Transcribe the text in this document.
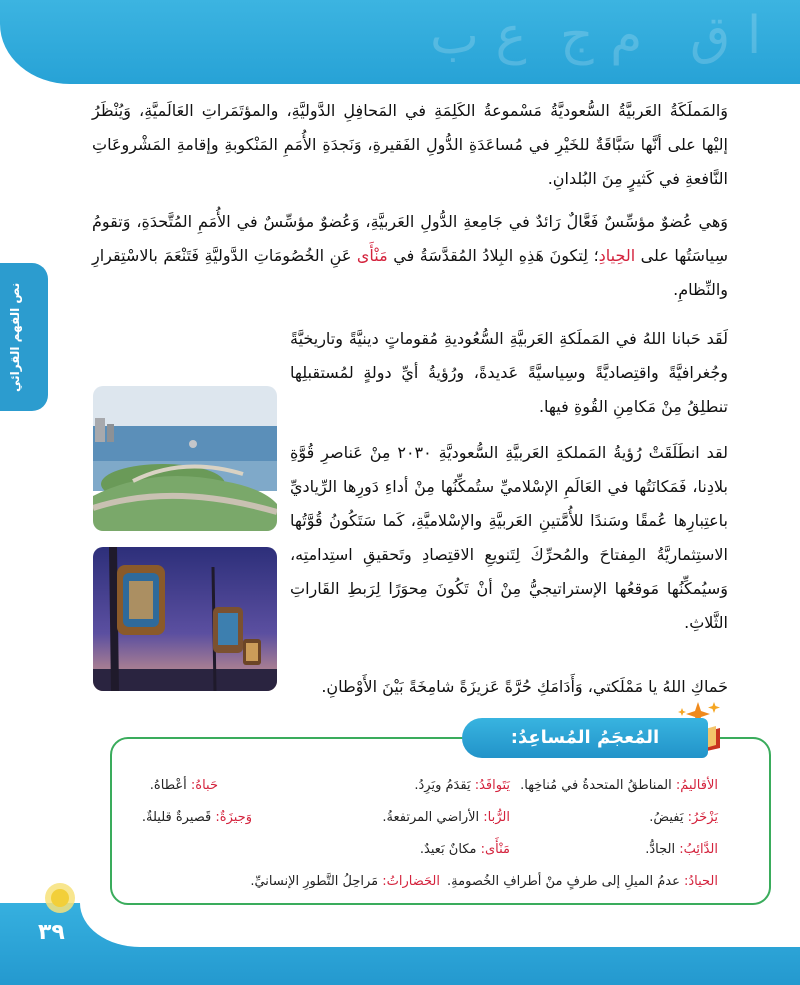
ﻉ ﺏ ﻡ ﺝ ﺍ ﻕ
نص الفهم القرائي
٣٩

وَالمَملَكَةُ العَربيَّةُ السُّعوديَّةُ مَسْموعةُ الكَلِمَةِ في المَحافِلِ الدَّوليَّةِ، والمؤتَمَراتِ العَالَميَّةِ، وَيُنْظَرُ إليْها على أنَّها سَبَّاقَةٌ للخَيْرِ في مُساعَدَةِ الدُّولِ الفَقيرةِ، وَنَجدَةِ الأُمَمِ المَنْكوبةِ وإقامةِ المَشْروعَاتِ النَّافعةِ في كَثيرٍ مِنَ البُلدانِ.

وَهي عُضوٌ مؤسِّسٌ فَعَّالٌ رَائدٌ في جَامِعةِ الدُّولِ العَربيَّةِ، وَعُضوٌ مؤسِّسٌ في الأُمَمِ المُتَّحدَةِ، وَتقومُ سِياسَتُها على الحِيادِ؛ لِتكونَ هَذِهِ البِلادُ المُقدَّسَةُ في مَنْأَى عَنِ الخُصُومَاتِ الدَّوليَّةِ فَتَنْعَمَ بالاسْتِقرارِ والنِّظامِ.

لَقَد حَبانا اللهُ في المَملَكةِ العَربيَّةِ السُّعُوديةِ مُقوماتٍ دينيَّةً وتاريخيَّةً وجُغرافيَّةً واقتِصاديَّةً وسِياسيَّةً عَديدةً، ورُؤيةُ أيِّ دولةٍ لمُستقبلِها تنطلِقُ مِنْ مَكامِنِ القُوةِ فيها.

لقد انطَلَقَتْ رُؤيةُ المَملكةِ العَربيَّةِ السُّعوديَّةِ ٢٠٣٠ مِنْ عَناصرِ قُوَّةِ بلادِنا، فَمَكانَتُها في العَالَمِ الإسْلاميِّ ستُمكِّنُها مِنْ أداءِ دَورِها الرِّياديِّ باعتِبارِها عُمقًا وسَندًا للأُمَّتينِ العَربيَّةِ والإسْلاميَّةِ، كَما سَتَكُونُ قُوَّتُها الاستِثماريَّةُ المِفتاحَ والمُحرِّكَ لِتَنويعِ الاقتِصادِ وتَحقيقِ استِدامتِه، وَسيُمكِّنُها مَوقعُها الإستراتيجيُّ مِنْ أنْ تَكُونَ مِحوَرًا لِرَبطِ القَاراتِ الثَّلاثِ.

حَماكِ اللهُ يا مَمْلَكتي، وَأَدَامَكِ حُرَّةً عَزيزَةً شامِخَةً بَيْنَ الأَوْطانِ.

المُعجَمُ المُساعِدُ:
الأقاليمُ: المناطقُ المتحدةُ في مُناخِها.
يَزْخَرُ: يَفيضُ.
الدَّائِبُ: الجادُّ.
الحيادُ: عدمُ الميلِ إلى طرفٍ منْ أطرافِ الخُصومةِ.
يَتَوافَدُ: يَقدَمُ ويَرِدُ.
الرُّبا: الأراضي المرتفعةُ.
مَنْأَى: مكانٌ بَعيدٌ.
الحَضاراتُ: مَراحِلُ التَّطورِ الإنسانيِّ.
حَباهُ: أعْطاهُ.
وَجيزَةٌ: قَصيرةٌ قليلةٌ.
